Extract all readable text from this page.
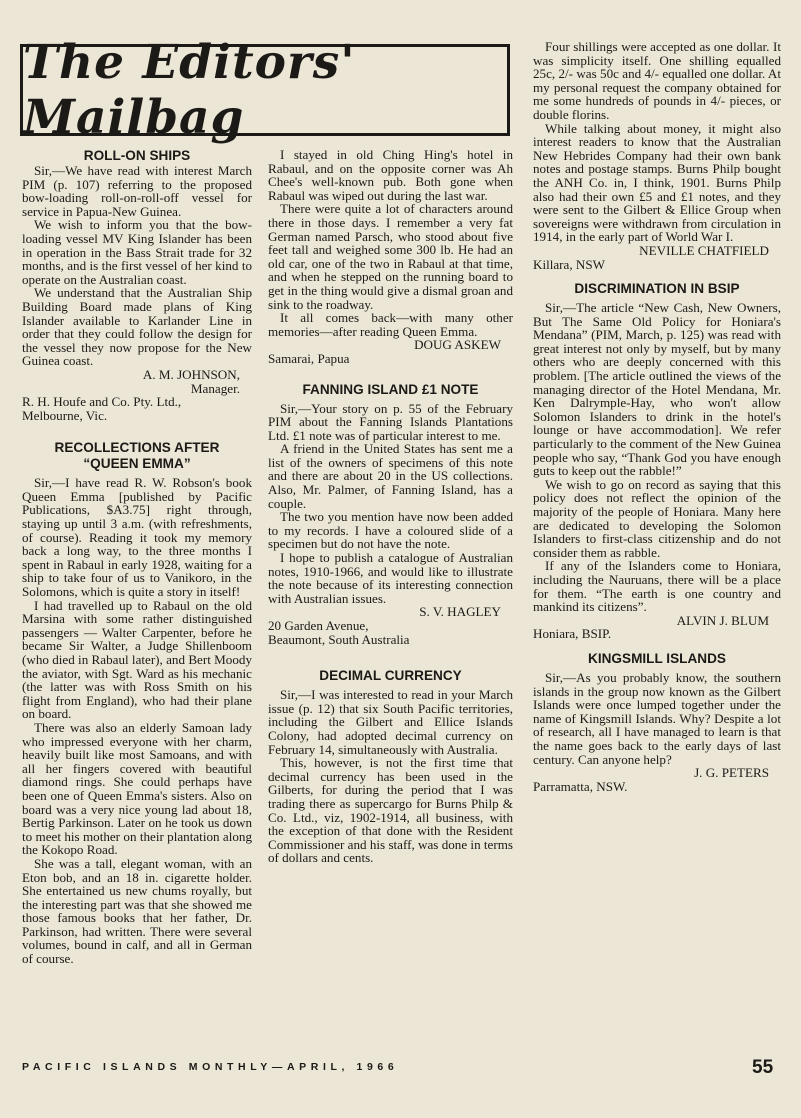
The Editors' Mailbag
ROLL-ON SHIPS
Sir,—We have read with interest March PIM (p. 107) referring to the proposed bow-loading roll-on-roll-off vessel for service in Papua-New Guinea.
We wish to inform you that the bow-loading vessel MV King Islander has been in operation in the Bass Strait trade for 32 months, and is the first vessel of her kind to operate on the Australian coast.
We understand that the Australian Ship Building Board made plans of King Islander available to Karlander Line in order that they could follow the design for the vessel they now propose for the New Guinea coast.
A. M. JOHNSON,
Manager.
R. H. Houfe and Co. Pty. Ltd.,
Melbourne, Vic.
RECOLLECTIONS AFTER
“QUEEN EMMA”
Sir,—I have read R. W. Robson's book Queen Emma [published by Pacific Publications, $A3.75] right through, staying up until 3 a.m. (with refreshments, of course). Reading it took my memory back a long way, to the three months I spent in Rabaul in early 1928, waiting for a ship to take four of us to Vanikoro, in the Solomons, which is quite a story in itself!
I had travelled up to Rabaul on the old Marsina with some rather distinguished passengers — Walter Carpenter, before he became Sir Walter, a Judge Shillenboom (who died in Rabaul later), and Bert Moody the aviator, with Sgt. Ward as his mechanic (the latter was with Ross Smith on his flight from England), who had their plane on board.
There was also an elderly Samoan lady who impressed everyone with her charm, heavily built like most Samoans, and with all her fingers covered with beautiful diamond rings. She could perhaps have been one of Queen Emma's sisters. Also on board was a very nice young lad about 18, Bertig Parkinson. Later on he took us down to meet his mother on their plantation along the Kokopo Road.
She was a tall, elegant woman, with an Eton bob, and an 18 in. cigarette holder. She entertained us new chums royally, but the interesting part was that she showed me those famous books that her father, Dr. Parkinson, had written. There were several volumes, bound in calf, and all in German of course.
I stayed in old Ching Hing's hotel in Rabaul, and on the opposite corner was Ah Chee's well-known pub. Both gone when Rabaul was wiped out during the last war.
There were quite a lot of characters around there in those days. I remember a very fat German named Parsch, who stood about five feet tall and weighed some 300 lb. He had an old car, one of the two in Rabaul at that time, and when he stepped on the running board to get in the thing would give a dismal groan and sink to the roadway.
It all comes back—with many other memories—after reading Queen Emma.
DOUG ASKEW
Samarai, Papua
FANNING ISLAND £1 NOTE
Sir,—Your story on p. 55 of the February PIM about the Fanning Islands Plantations Ltd. £1 note was of particular interest to me.
A friend in the United States has sent me a list of the owners of specimens of this note and there are about 20 in the US collections. Also, Mr. Palmer, of Fanning Island, has a couple.
The two you mention have now been added to my records. I have a coloured slide of a specimen but do not have the note.
I hope to publish a catalogue of Australian notes, 1910-1966, and would like to illustrate the note because of its interesting connection with Australian issues.
S. V. HAGLEY
20 Garden Avenue,
Beaumont, South Australia
DECIMAL CURRENCY
Sir,—I was interested to read in your March issue (p. 12) that six South Pacific territories, including the Gilbert and Ellice Islands Colony, had adopted decimal currency on February 14, simultaneously with Australia.
This, however, is not the first time that decimal currency has been used in the Gilberts, for during the period that I was trading there as supercargo for Burns Philp & Co. Ltd., viz, 1902-1914, all business, with the exception of that done with the Resident Commissioner and his staff, was done in terms of dollars and cents.
Four shillings were accepted as one dollar. It was simplicity itself. One shilling equalled 25c, 2/- was 50c and 4/- equalled one dollar. At my personal request the company obtained for me some hundreds of pounds in 4/- pieces, or double florins.
While talking about money, it might also interest readers to know that the Australian New Hebrides Company had their own bank notes and postage stamps. Burns Philp bought the ANH Co. in, I think, 1901. Burns Philp also had their own £5 and £1 notes, and they were sent to the Gilbert & Ellice Group when sovereigns were withdrawn from circulation in 1914, in the early part of World War I.
NEVILLE CHATFIELD
Killara, NSW
DISCRIMINATION IN BSIP
Sir,—The article “New Cash, New Owners, But The Same Old Policy for Honiara's Mendana” (PIM, March, p. 125) was read with great interest not only by myself, but by many others who are deeply concerned with this problem. [The article outlined the views of the managing director of the Hotel Mendana, Mr. Ken Dalrymple-Hay, who won't allow Solomon Islanders to drink in the hotel's lounge or have accommodation]. We refer particularly to the comment of the New Guinea people who say, “Thank God you have enough guts to keep out the rabble!”
We wish to go on record as saying that this policy does not reflect the opinion of the majority of the people of Honiara. Many here are dedicated to developing the Solomon Islanders to first-class citizenship and do not consider them as rabble.
If any of the Islanders come to Honiara, including the Nauruans, there will be a place for them. “The earth is one country and mankind its citizens”.
ALVIN J. BLUM
Honiara, BSIP.
KINGSMILL ISLANDS
Sir,—As you probably know, the southern islands in the group now known as the Gilbert Islands were once lumped together under the name of Kingsmill Islands. Why? Despite a lot of research, all I have managed to learn is that the name goes back to the early days of last century. Can anyone help?
J. G. PETERS
Parramatta, NSW.
PACIFIC ISLANDS MONTHLY—APRIL, 1966	55
